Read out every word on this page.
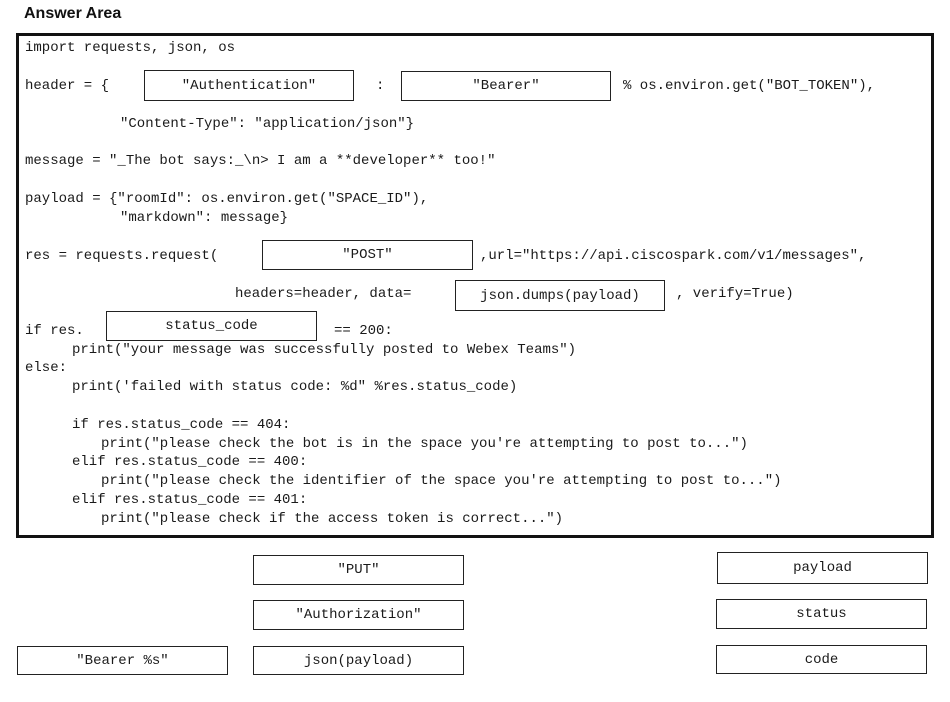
Answer Area
import requests, json, os
header = {	"Authentication"	:	"Bearer"	% os.environ.get("BOT_TOKEN"),
"Content-Type": "application/json"}
message = "_The bot says:_\n> I am a **developer** too!"
payload = {"roomId": os.environ.get("SPACE_ID"),
"markdown": message}
res = requests.request(	"POST"	,url="https://api.ciscospark.com/v1/messages",
headers=header, data=	json.dumps(payload)	, verify=True)
if res.	status_code	== 200:
print("your message was successfully posted to Webex Teams")
else:
print('failed with status code: %d" %res.status_code)
if res.status_code == 404:
print("please check the bot is in the space you're attempting to post to...")
elif res.status_code == 400:
print("please check the identifier of the space you're attempting to post to...")
elif res.status_code == 401:
print("please check if the access token is correct...")
"PUT"	payload
"Authorization"	status
"Bearer %s"	json(payload)	code
